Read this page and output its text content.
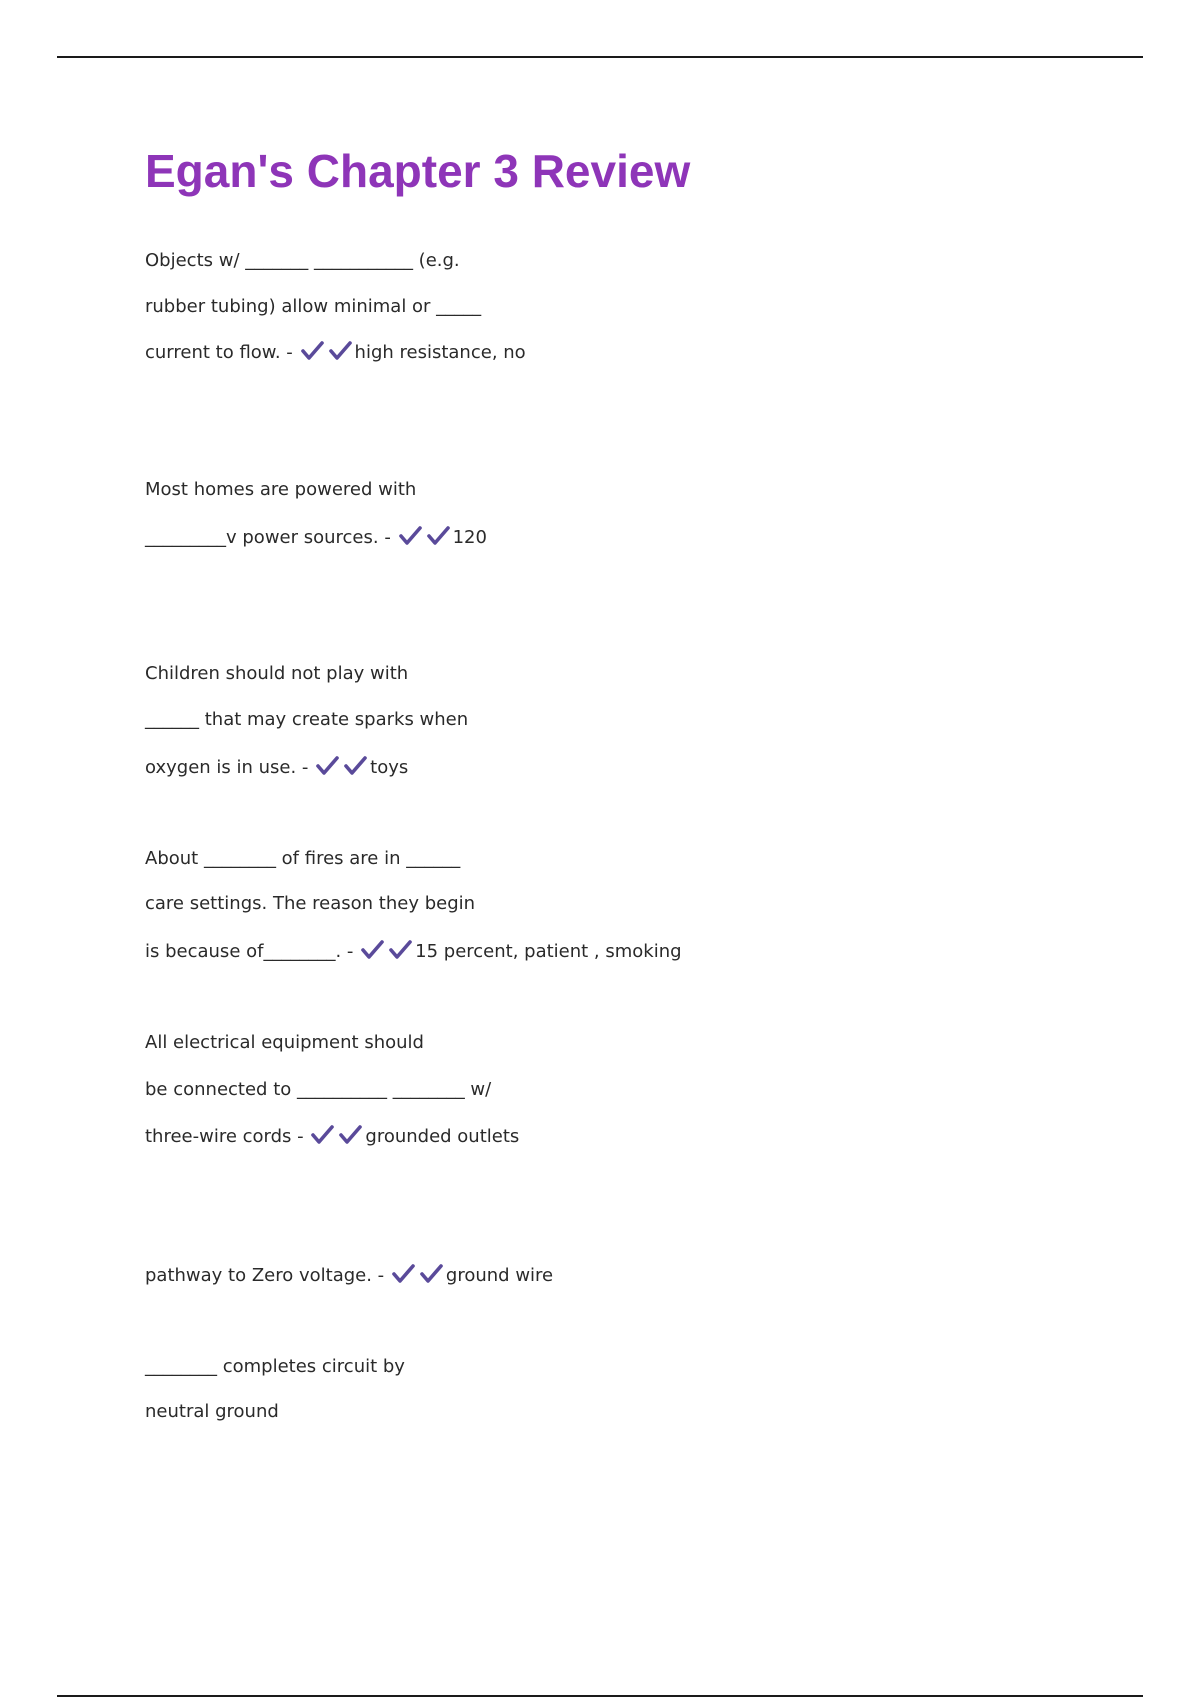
Egan's Chapter 3 Review
Objects w/ _______ ___________ (e.g.
rubber tubing) allow minimal or _____
current to flow. -	high resistance, no
Most homes are powered with
_________v power sources. -	120
Children should not play with
______ that may create sparks when
oxygen is in use. -	toys
About ________ of fires are in ______
care settings. The reason they begin
is because of________. -	15 percent, patient , smoking
All electrical equipment should
be connected to __________ ________ w/
three-wire cords -	grounded outlets
pathway to Zero voltage. -	ground wire
________ completes circuit by
neutral ground
